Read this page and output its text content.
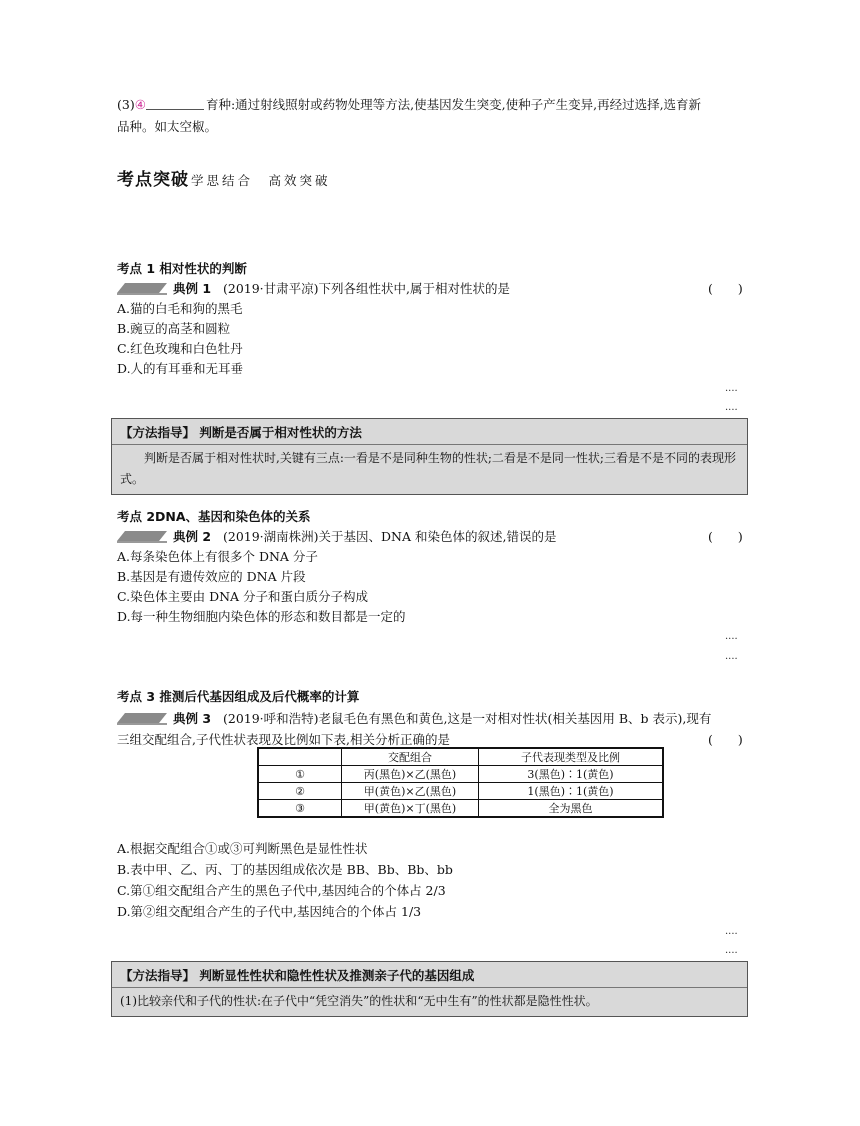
(3)④	育种:通过射线照射或药物处理等方法,使基因发生突变,使种子产生变异,再经过选择,选育新
品种。如太空椒。
考点突破 学思结合　高效突破
考点 1 相对性状的判断
典例 1 (2019·甘肃平凉)下列各组性状中,属于相对性状的是	(　　)
A.猫的白毛和狗的黑毛
B.豌豆的高茎和圆粒
C.红色玫瑰和白色牡丹
D.人的有耳垂和无耳垂
····
····
【方法指导】 判断是否属于相对性状的方法
　　判断是否属于相对性状时,关键有三点:一看是不是同种生物的性状;二看是不是同一性状;三看是不是不同的表现形式。
考点 2DNA、基因和染色体的关系
典例 2 (2019·湖南株洲)关于基因、DNA 和染色体的叙述,错误的是	(　　)
A.每条染色体上有很多个 DNA 分子
B.基因是有遗传效应的 DNA 片段
C.染色体主要由 DNA 分子和蛋白质分子构成
D.每一种生物细胞内染色体的形态和数目都是一定的
····
····
考点 3 推测后代基因组成及后代概率的计算
典例 3 (2019·呼和浩特)老鼠毛色有黑色和黄色,这是一对相对性状(相关基因用 B、b 表示),现有
三组交配组合,子代性状表现及比例如下表,相关分析正确的是	(　　)
	交配组合	子代表现类型及比例
①	丙(黑色)×乙(黑色)	3(黑色)∶1(黄色)
②	甲(黄色)×乙(黑色)	1(黑色)∶1(黄色)
③	甲(黄色)×丁(黑色)	全为黑色
A.根据交配组合①或③可判断黑色是显性性状
B.表中甲、乙、丙、丁的基因组成依次是 BB、Bb、Bb、bb
C.第①组交配组合产生的黑色子代中,基因纯合的个体占 2/3
D.第②组交配组合产生的子代中,基因纯合的个体占 1/3
····
····
【方法指导】 判断显性性状和隐性性状及推测亲子代的基因组成
(1)比较亲代和子代的性状:在子代中“凭空消失”的性状和“无中生有”的性状都是隐性性状。
